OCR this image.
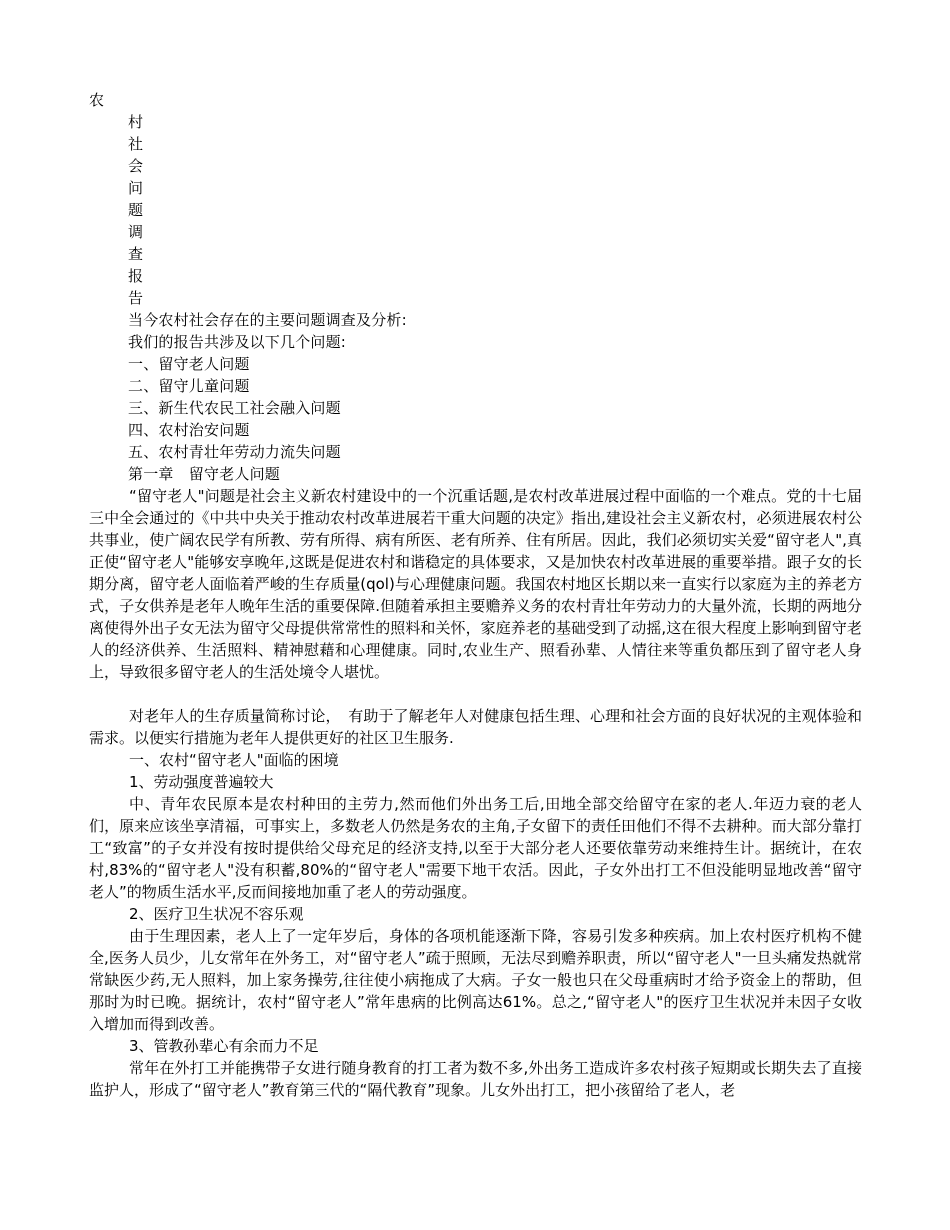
农
村
社
会
问
题
调
查
报
告
当今农村社会存在的主要问题调查及分析:
我们的报告共涉及以下几个问题:
一、留守老人问题
二、留守儿童问题
三、新生代农民工社会融入问题
四、农村治安问题
五、农村青壮年劳动力流失问题
第一章　留守老人问题
“留守老人"问题是社会主义新农村建设中的一个沉重话题,是农村改革进展过程中面临的一个难点。党的十七届三中全会通过的《中共中央关于推动农村改革进展若干重大问题的决定》指出,建设社会主义新农村，必须进展农村公共事业，使广阔农民学有所教、劳有所得、病有所医、老有所养、住有所居。因此，我们必须切实关爱“留守老人",真正使“留守老人"能够安享晚年,这既是促进农村和谐稳定的具体要求，又是加快农村改革进展的重要举措。跟子女的长期分离，留守老人面临着严峻的生存质量(qol)与心理健康问题。我国农村地区长期以来一直实行以家庭为主的养老方式，子女供养是老年人晚年生活的重要保障.但随着承担主要赡养义务的农村青壮年劳动力的大量外流，长期的两地分离使得外出子女无法为留守父母提供常常性的照料和关怀，家庭养老的基础受到了动摇,这在很大程度上影响到留守老人的经济供养、生活照料、精神慰藉和心理健康。同时,农业生产、照看孙辈、人情往来等重负都压到了留守老人身上，导致很多留守老人的生活处境令人堪忧。
对老年人的生存质量简称讨论，　有助于了解老年人对健康包括生理、心理和社会方面的良好状况的主观体验和需求。以便实行措施为老年人提供更好的社区卫生服务.
一、农村“留守老人"面临的困境
1、劳动强度普遍较大
中、青年农民原本是农村种田的主劳力,然而他们外出务工后,田地全部交给留守在家的老人.年迈力衰的老人们，原来应该坐享清福，可事实上，多数老人仍然是务农的主角,子女留下的责任田他们不得不去耕种。而大部分靠打工“致富”的子女并没有按时提供给父母充足的经济支持,以至于大部分老人还要依靠劳动来维持生计。据统计，在农村,83%的“留守老人"没有积蓄,80%的“留守老人"需要下地干农活。因此，子女外出打工不但没能明显地改善“留守老人”的物质生活水平,反而间接地加重了老人的劳动强度。
2、医疗卫生状况不容乐观
由于生理因素，老人上了一定年岁后，身体的各项机能逐渐下降，容易引发多种疾病。加上农村医疗机构不健全,医务人员少，儿女常年在外务工，对“留守老人”疏于照顾，无法尽到赡养职责，所以“留守老人"一旦头痛发热就常常缺医少药,无人照料，加上家务操劳,往往使小病拖成了大病。子女一般也只在父母重病时才给予资金上的帮助，但那时为时已晚。据统计，农村“留守老人”常年患病的比例高达61%。总之,“留守老人"的医疗卫生状况并未因子女收入增加而得到改善。
3、管教孙辈心有余而力不足
常年在外打工并能携带子女进行随身教育的打工者为数不多,外出务工造成许多农村孩子短期或长期失去了直接监护人，形成了“留守老人”教育第三代的“隔代教育”现象。儿女外出打工，把小孩留给了老人，老
